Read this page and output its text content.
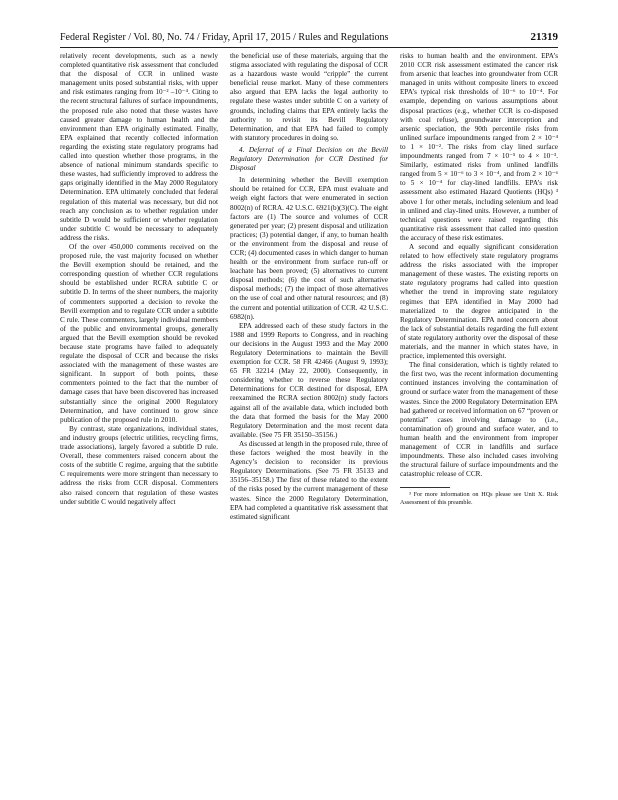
Federal Register / Vol. 80, No. 74 / Friday, April 17, 2015 / Rules and Regulations	21319

relatively recent developments, such as a newly completed quantitative risk assessment that concluded that the disposal of CCR in unlined waste management units posed substantial risks, with upper and risk estimates ranging from 10⁻² –10⁻⁴. Citing to the recent structural failures of surface impoundments, the proposed rule also noted that these wastes have caused greater damage to human health and the environment than EPA originally estimated. Finally, EPA explained that recently collected information regarding the existing state regulatory programs had called into question whether those programs, in the absence of national minimum standards specific to these wastes, had sufficiently improved to address the gaps originally identified in the May 2000 Regulatory Determination. EPA ultimately concluded that federal regulation of this material was necessary, but did not reach any conclusion as to whether regulation under subtitle D would be sufficient or whether regulation under subtitle C would be necessary to adequately address the risks.

Of the over 450,000 comments received on the proposed rule, the vast majority focused on whether the Bevill exemption should be retained, and the corresponding question of whether CCR regulations should be established under RCRA subtitle C or subtitle D. In terms of the sheer numbers, the majority of commenters supported a decision to revoke the Bevill exemption and to regulate CCR under a subtitle C rule. These commenters, largely individual members of the public and environmental groups, generally argued that the Bevill exemption should be revoked because state programs have failed to adequately regulate the disposal of CCR and because the risks associated with the management of these wastes are significant. In support of both points, these commenters pointed to the fact that the number of damage cases that have been discovered has increased substantially since the original 2000 Regulatory Determination, and have continued to grow since publication of the proposed rule in 2010.

By contrast, state organizations, individual states, and industry groups (electric utilities, recycling firms, trade associations), largely favored a subtitle D rule. Overall, these commenters raised concern about the costs of the subtitle C regime, arguing that the subtitle C requirements were more stringent than necessary to address the risks from CCR disposal. Commenters also raised concern that regulation of these wastes under subtitle C would negatively affect

the beneficial use of these materials, arguing that the stigma associated with regulating the disposal of CCR as a hazardous waste would “cripple” the current beneficial reuse market. Many of these commenters also argued that EPA lacks the legal authority to regulate these wastes under subtitle C on a variety of grounds, including claims that EPA entirely lacks the authority to revisit its Bevill Regulatory Determination, and that EPA had failed to comply with statutory procedures in doing so.

4. Deferral of a Final Decision on the Bevill Regulatory Determination for CCR Destined for Disposal

In determining whether the Bevill exemption should be retained for CCR, EPA must evaluate and weigh eight factors that were enumerated in section 8002(n) of RCRA. 42 U.S.C. 6921(b)(3)(C). The eight factors are (1) The source and volumes of CCR generated per year; (2) present disposal and utilization practices; (3) potential danger, if any, to human health or the environment from the disposal and reuse of CCR; (4) documented cases in which danger to human health or the environment from surface run-off or leachate has been proved; (5) alternatives to current disposal methods; (6) the cost of such alternative disposal methods; (7) the impact of those alternatives on the use of coal and other natural resources; and (8) the current and potential utilization of CCR. 42 U.S.C. 6982(n).

EPA addressed each of these study factors in the 1988 and 1999 Reports to Congress, and in reaching our decisions in the August 1993 and the May 2000 Regulatory Determinations to maintain the Bevill exemption for CCR. 58 FR 42466 (August 9, 1993); 65 FR 32214 (May 22, 2000). Consequently, in considering whether to reverse these Regulatory Determinations for CCR destined for disposal, EPA reexamined the RCRA section 8002(n) study factors against all of the available data, which included both the data that formed the basis for the May 2000 Regulatory Determination and the most recent data available. (See 75 FR 35150–35156.)

As discussed at length in the proposed rule, three of these factors weighed the most heavily in the Agency’s decision to reconsider its previous Regulatory Determinations. (See 75 FR 35133 and 35156–35158.) The first of these related to the extent of the risks posed by the current management of these wastes. Since the 2000 Regulatory Determination, EPA had completed a quantitative risk assessment that estimated significant

risks to human health and the environment. EPA’s 2010 CCR risk assessment estimated the cancer risk from arsenic that leaches into groundwater from CCR managed in units without composite liners to exceed EPA’s typical risk thresholds of 10⁻⁶ to 10⁻⁴. For example, depending on various assumptions about disposal practices (e.g., whether CCR is co-disposed with coal refuse), groundwater interception and arsenic speciation, the 90th percentile risks from unlined surface impoundments ranged from 2 × 10⁻⁴ to 1 × 10⁻². The risks from clay lined surface impoundments ranged from 7 × 10⁻⁵ to 4 × 10⁻³. Similarly, estimated risks from unlined landfills ranged from 5 × 10⁻⁶ to 3 × 10⁻⁴, and from 2 × 10⁻⁶ to 5 × 10⁻⁴ for clay-lined landfills. EPA’s risk assessment also estimated Hazard Quotients (HQs) ³ above 1 for other metals, including selenium and lead in unlined and clay-lined units. However, a number of technical questions were raised regarding this quantitative risk assessment that called into question the accuracy of these risk estimates.

A second and equally significant consideration related to how effectively state regulatory programs address the risks associated with the improper management of these wastes. The existing reports on state regulatory programs had called into question whether the trend in improving state regulatory regimes that EPA identified in May 2000 had materialized to the degree anticipated in the Regulatory Determination. EPA noted concern about the lack of substantial details regarding the full extent of state regulatory authority over the disposal of these materials, and the manner in which states have, in practice, implemented this oversight.

The final consideration, which is tightly related to the first two, was the recent information documenting continued instances involving the contamination of ground or surface water from the management of these wastes. Since the 2000 Regulatory Determination EPA had gathered or received information on 67 “proven or potential” cases involving damage to (i.e., contamination of) ground and surface water, and to human health and the environment from improper management of CCR in landfills and surface impoundments. These also included cases involving the structural failure of surface impoundments and the catastrophic release of CCR.

³ For more information on HQs please see Unit X. Risk Assessment of this preamble.
